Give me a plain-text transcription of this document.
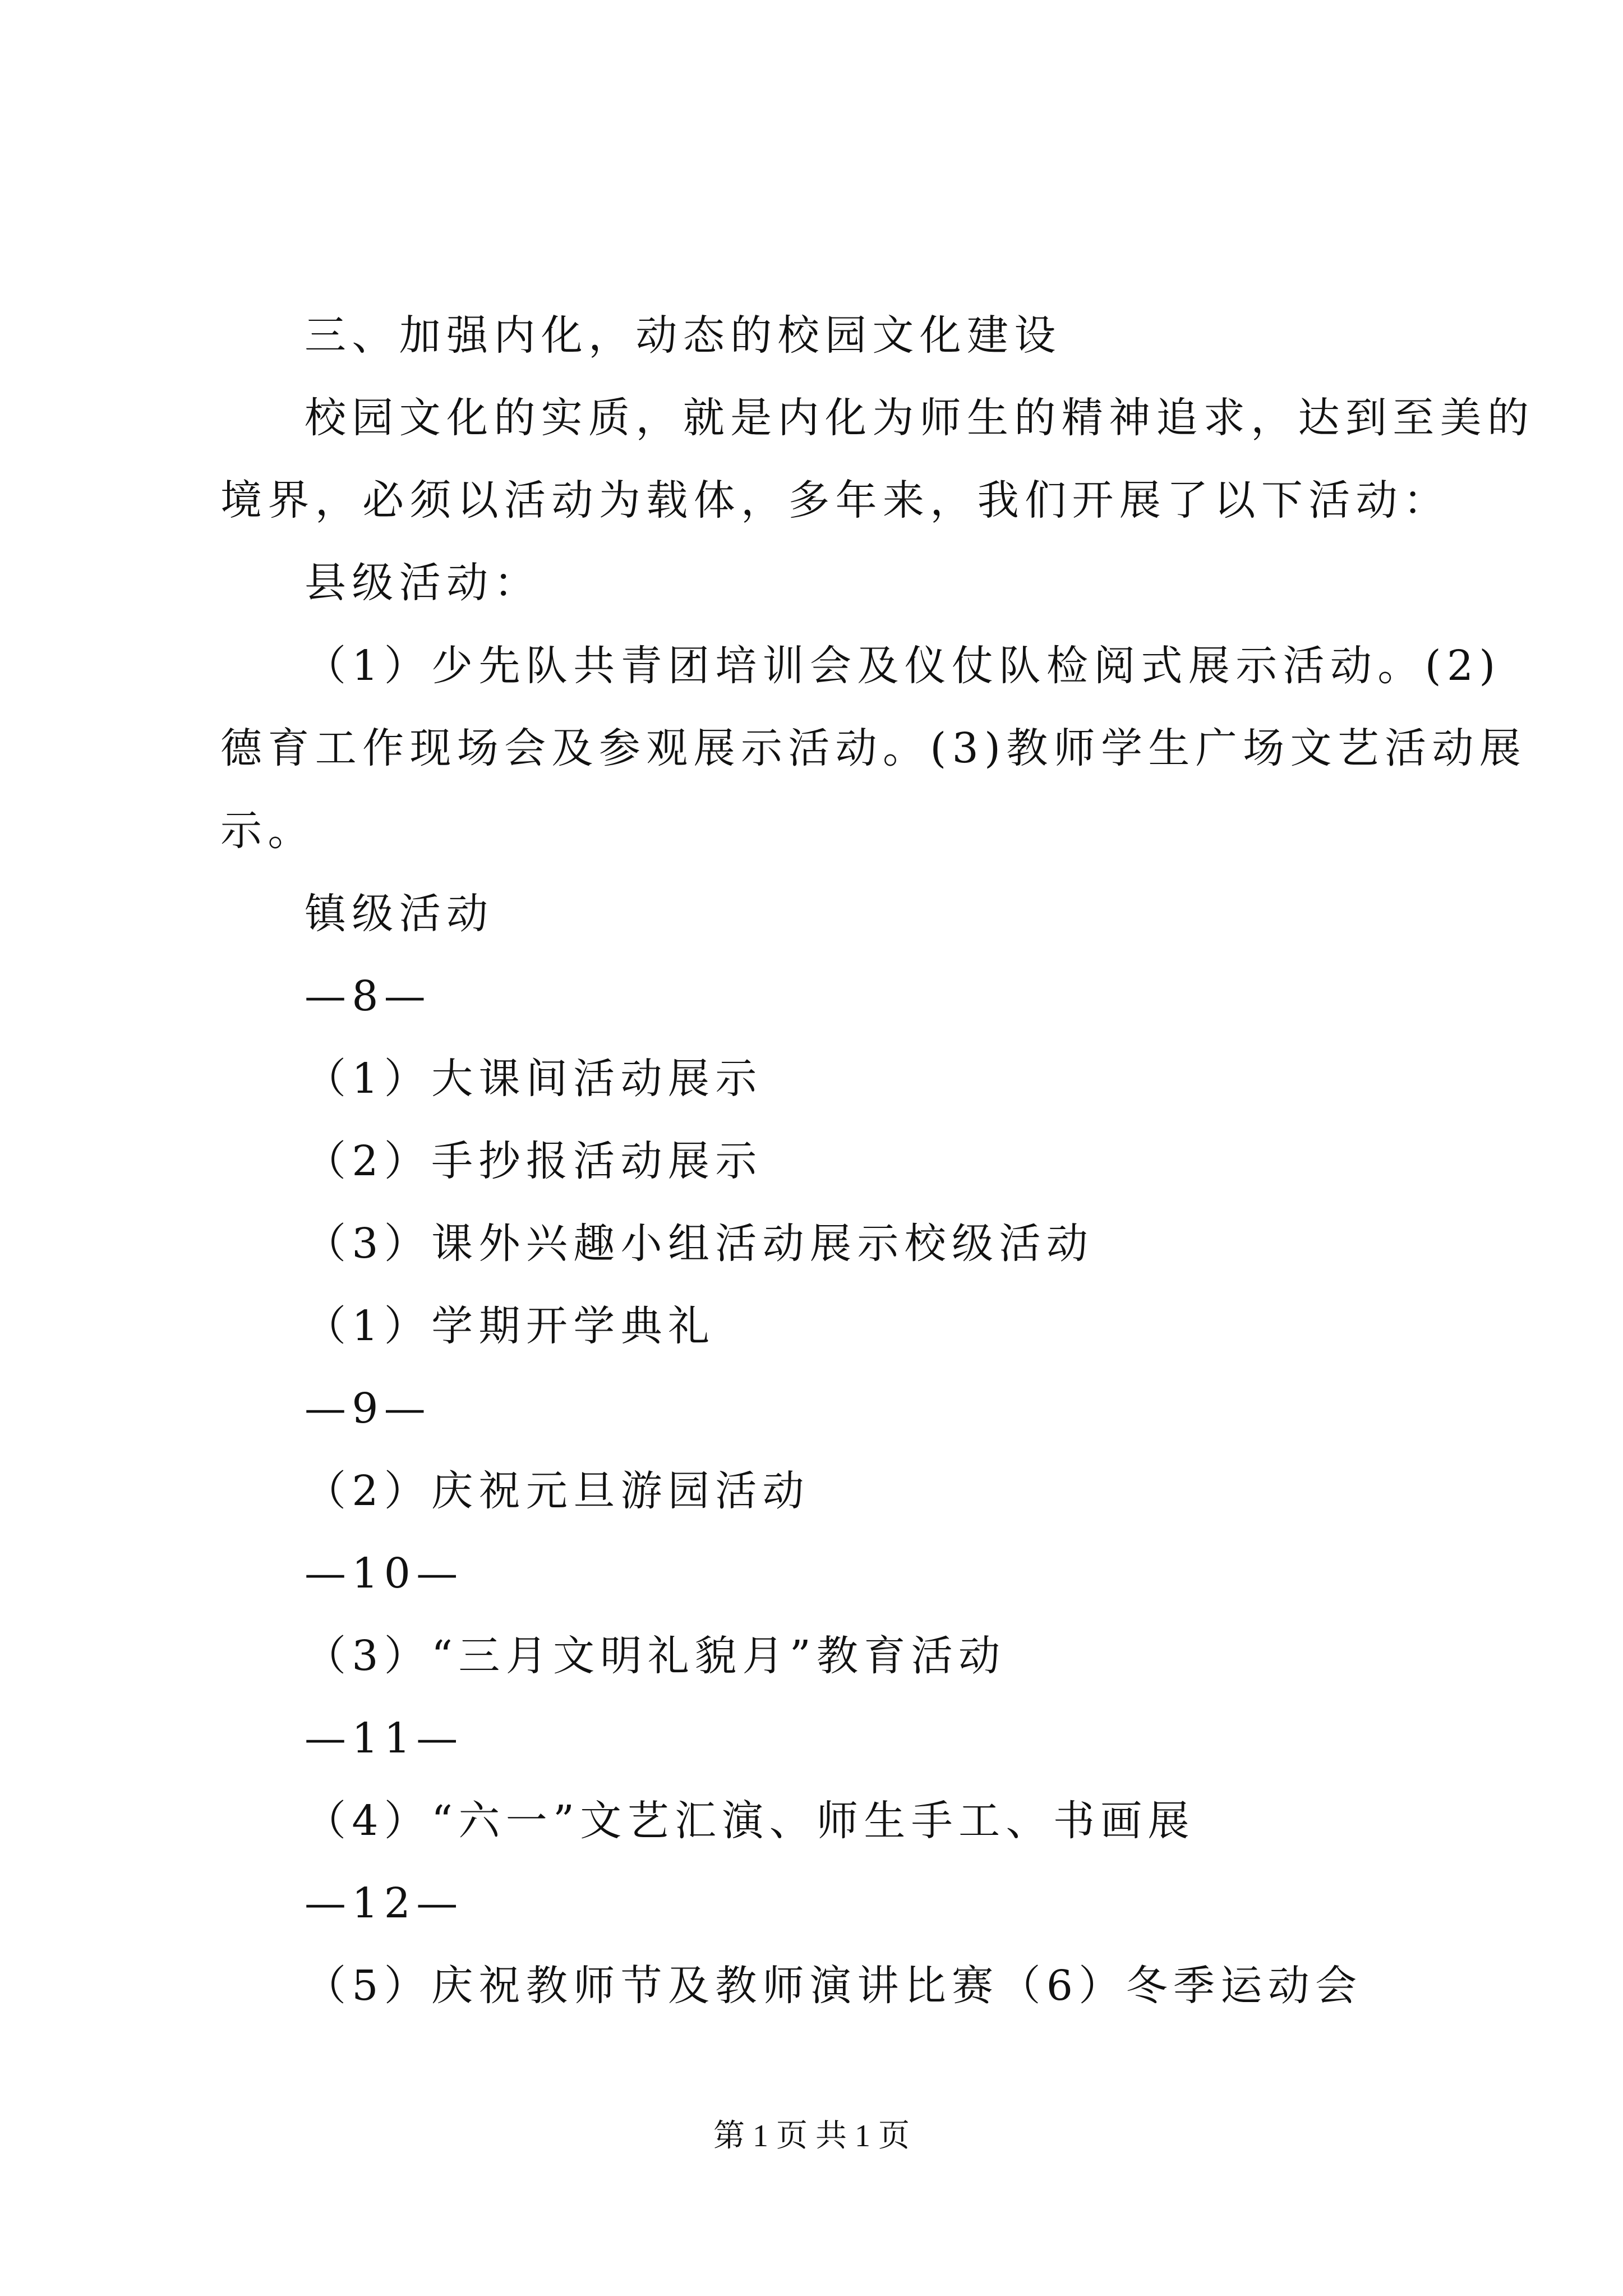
三、加强内化，动态的校园文化建设
校园文化的实质，就是内化为师生的精神追求，达到至美的
境界，必须以活动为载体，多年来，我们开展了以下活动：
县级活动：
（1）少先队共青团培训会及仪仗队检阅式展示活动。(2)
德育工作现场会及参观展示活动。(3)教师学生广场文艺活动展
示。
镇级活动
—8—
（1）大课间活动展示
（2）手抄报活动展示
（3）课外兴趣小组活动展示校级活动
（1）学期开学典礼
—9—
（2）庆祝元旦游园活动
—10—
（3）“三月文明礼貌月”教育活动
—11—
（4）“六一”文艺汇演、师生手工、书画展
—12—
（5）庆祝教师节及教师演讲比赛（6）冬季运动会
第 1 页 共 1 页
